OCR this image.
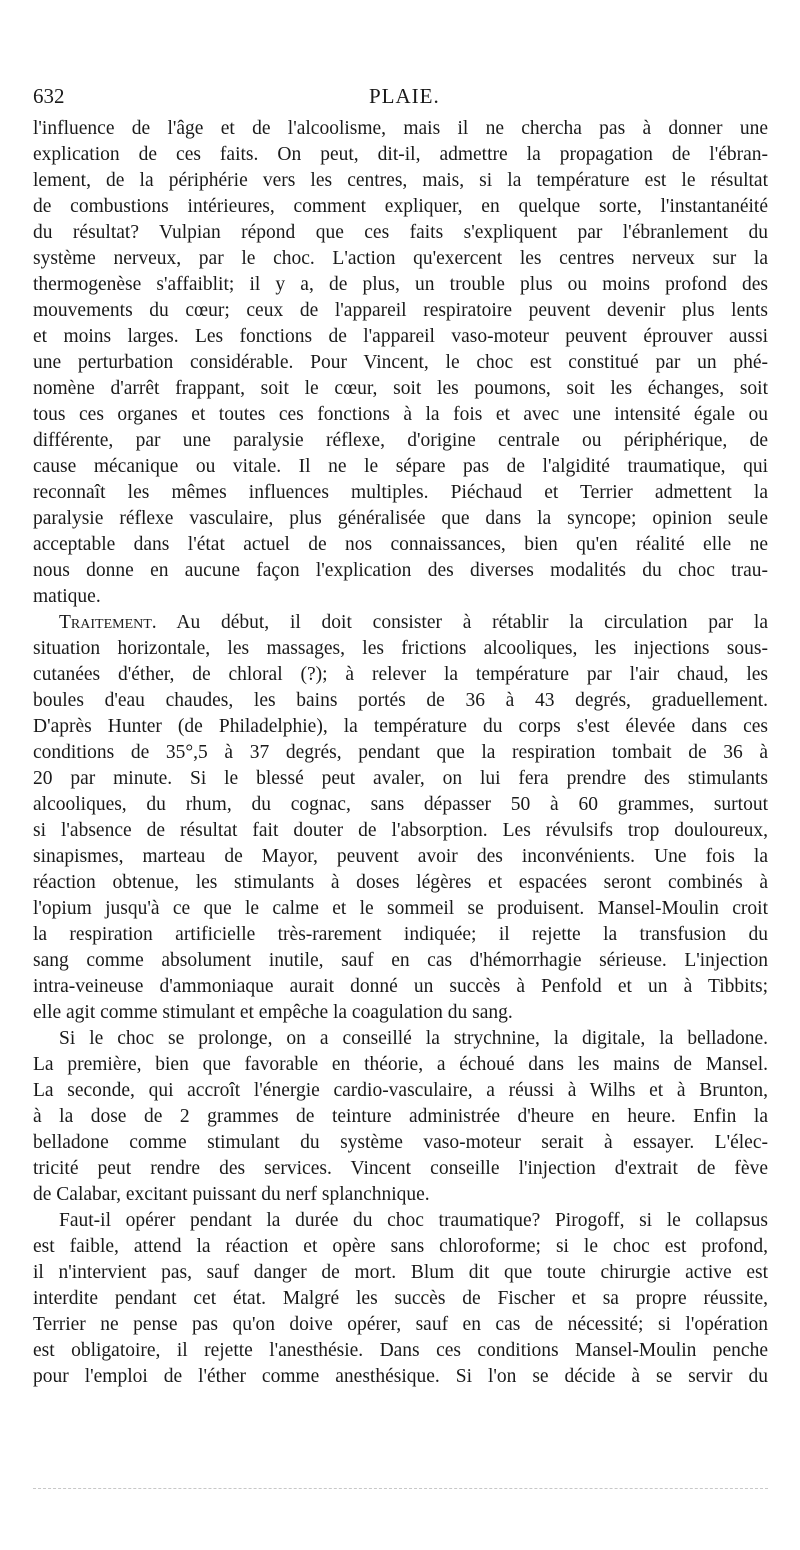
632	PLAIE.
l'influence de l'âge et de l'alcoolisme, mais il ne chercha pas à donner une
explication de ces faits. On peut, dit-il, admettre la propagation de l'ébran-
lement, de la périphérie vers les centres, mais, si la température est le résultat
de combustions intérieures, comment expliquer, en quelque sorte, l'instantanéité
du résultat? Vulpian répond que ces faits s'expliquent par l'ébranlement du
système nerveux, par le choc. L'action qu'exercent les centres nerveux sur la
thermogenèse s'affaiblit; il y a, de plus, un trouble plus ou moins profond des
mouvements du cœur; ceux de l'appareil respiratoire peuvent devenir plus lents
et moins larges. Les fonctions de l'appareil vaso-moteur peuvent éprouver aussi
une perturbation considérable. Pour Vincent, le choc est constitué par un phé-
nomène d'arrêt frappant, soit le cœur, soit les poumons, soit les échanges, soit
tous ces organes et toutes ces fonctions à la fois et avec une intensité égale ou
différente, par une paralysie réflexe, d'origine centrale ou périphérique, de
cause mécanique ou vitale. Il ne le sépare pas de l'algidité traumatique, qui
reconnaît les mêmes influences multiples. Piéchaud et Terrier admettent la
paralysie réflexe vasculaire, plus généralisée que dans la syncope; opinion seule
acceptable dans l'état actuel de nos connaissances, bien qu'en réalité elle ne
nous donne en aucune façon l'explication des diverses modalités du choc trau-
matique.
Traitement. Au début, il doit consister à rétablir la circulation par la
situation horizontale, les massages, les frictions alcooliques, les injections sous-
cutanées d'éther, de chloral (?); à relever la température par l'air chaud, les
boules d'eau chaudes, les bains portés de 36 à 43 degrés, graduellement.
D'après Hunter (de Philadelphie), la température du corps s'est élevée dans ces
conditions de 35°,5 à 37 degrés, pendant que la respiration tombait de 36 à
20 par minute. Si le blessé peut avaler, on lui fera prendre des stimulants
alcooliques, du rhum, du cognac, sans dépasser 50 à 60 grammes, surtout
si l'absence de résultat fait douter de l'absorption. Les révulsifs trop douloureux,
sinapismes, marteau de Mayor, peuvent avoir des inconvénients. Une fois la
réaction obtenue, les stimulants à doses légères et espacées seront combinés à
l'opium jusqu'à ce que le calme et le sommeil se produisent. Mansel-Moulin croit
la respiration artificielle très-rarement indiquée; il rejette la transfusion du
sang comme absolument inutile, sauf en cas d'hémorrhagie sérieuse. L'injection
intra-veineuse d'ammoniaque aurait donné un succès à Penfold et un à Tibbits;
elle agit comme stimulant et empêche la coagulation du sang.
Si le choc se prolonge, on a conseillé la strychnine, la digitale, la belladone.
La première, bien que favorable en théorie, a échoué dans les mains de Mansel.
La seconde, qui accroît l'énergie cardio-vasculaire, a réussi à Wilhs et à Brunton,
à la dose de 2 grammes de teinture administrée d'heure en heure. Enfin la
belladone comme stimulant du système vaso-moteur serait à essayer. L'élec-
tricité peut rendre des services. Vincent conseille l'injection d'extrait de fève
de Calabar, excitant puissant du nerf splanchnique.
Faut-il opérer pendant la durée du choc traumatique? Pirogoff, si le collapsus
est faible, attend la réaction et opère sans chloroforme; si le choc est profond,
il n'intervient pas, sauf danger de mort. Blum dit que toute chirurgie active est
interdite pendant cet état. Malgré les succès de Fischer et sa propre réussite,
Terrier ne pense pas qu'on doive opérer, sauf en cas de nécessité; si l'opération
est obligatoire, il rejette l'anesthésie. Dans ces conditions Mansel-Moulin penche
pour l'emploi de l'éther comme anesthésique. Si l'on se décide à se servir du
